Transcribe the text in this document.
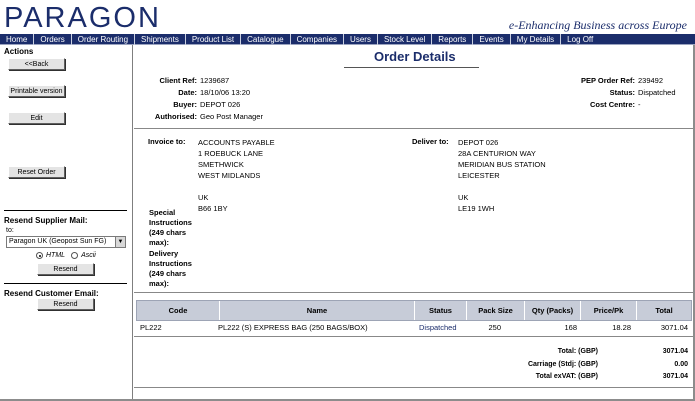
PARAGON	e-Enhancing Business across Europe
Home	Orders	Order Routing	Shipments	Product List	Catalogue	Companies	Users	Stock Level	Reports	Events	My Details	Log Off
Actions
<<Back
Printable version
Edit
Reset Order
Resend Supplier Mail:
to:
Paragon UK (Geopost Sun FG)	▼
HTML Ascii
Resend
Resend Customer Email:
Resend
Order Details
Client Ref: 1239687
Date: 18/10/06 13:20
Buyer: DEPOT 026
Authorised: Geo Post Manager
PEP Order Ref: 239492
Status: Dispatched
Cost Centre: -
Invoice to:	ACCOUNTS PAYABLE
1 ROEBUCK LANE
SMETHWICK
WEST MIDLANDS
UK
B66 1BY
Deliver to:	DEPOT 026
28A CENTURION WAY
MERIDIAN BUS STATION
LEICESTER
UK
LE19 1WH
Special
Instructions
(249 chars
max):
Delivery
Instructions
(249 chars
max):
Code	Name	Status	Pack Size	Qty (Packs)	Price/Pk	Total
PL222	PL222 (S) EXPRESS BAG (250 BAGS/BOX)	Dispatched	250	168	18.28	3071.04
Total: (GBP)	3071.04
Carriage (Stdj: (GBP)	0.00
Total exVAT: (GBP)	3071.04
